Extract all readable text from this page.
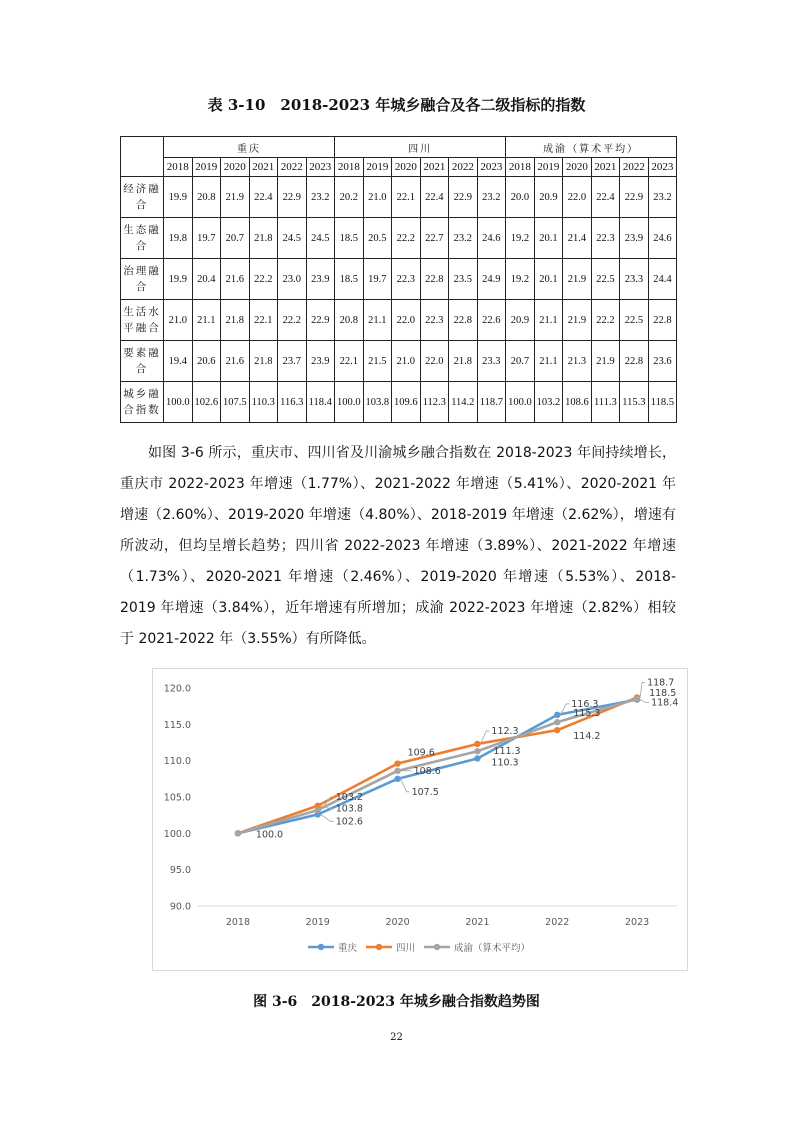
表 3-10　2018-2023 年城乡融合及各二级指标的指数
	重庆						四川						成渝（算术平均）					
	2018	2019	2020	2021	2022	2023	2018	2019	2020	2021	2022	2023	2018	2019	2020	2021	2022	2023
经济融合	19.9	20.8	21.9	22.4	22.9	23.2	20.2	21.0	22.1	22.4	22.9	23.2	20.0	20.9	22.0	22.4	22.9	23.2
生态融合	19.8	19.7	20.7	21.8	24.5	24.5	18.5	20.5	22.2	22.7	23.2	24.6	19.2	20.1	21.4	22.3	23.9	24.6
治理融合	19.9	20.4	21.6	22.2	23.0	23.9	18.5	19.7	22.3	22.8	23.5	24.9	19.2	20.1	21.9	22.5	23.3	24.4
生活水平融合	21.0	21.1	21.8	22.1	22.2	22.9	20.8	21.1	22.0	22.3	22.8	22.6	20.9	21.1	21.9	22.2	22.5	22.8
要素融合	19.4	20.6	21.6	21.8	23.7	23.9	22.1	21.5	21.0	22.0	21.8	23.3	20.7	21.1	21.3	21.9	22.8	23.6
城乡融合指数	100.0	102.6	107.5	110.3	116.3	118.4	100.0	103.8	109.6	112.3	114.2	118.7	100.0	103.2	108.6	111.3	115.3	118.5

如图 3-6 所示，重庆市、四川省及川渝城乡融合指数在 2018-2023 年间持续增长，重庆市 2022-2023 年增速（1.77%）、2021-2022 年增速（5.41%）、2020-2021 年增速（2.60%）、2019-2020 年增速（4.80%）、2018-2019 年增速（2.62%），增速有所波动，但均呈增长趋势；四川省 2022-2023 年增速（3.89%）、2021-2022 年增速（1.73%）、2020-2021 年增速（2.46%）、2019-2020 年增速（5.53%）、2018-2019 年增速（3.84%），近年增速有所增加；成渝 2022-2023 年增速（2.82%）相较于 2021-2022 年（3.55%）有所降低。

90.0
95.0
100.0
105.0
110.0
115.0
120.0
2018	2019	2020	2021	2022	2023
100.0
102.6
103.8
103.2	107.5
109.6
108.6
110.3
112.3
111.3
116.3
114.2
115.3
118.4
118.7
118.5
重庆	四川	成渝（算术平均）
图 3-6　2018-2023 年城乡融合指数趋势图
22
